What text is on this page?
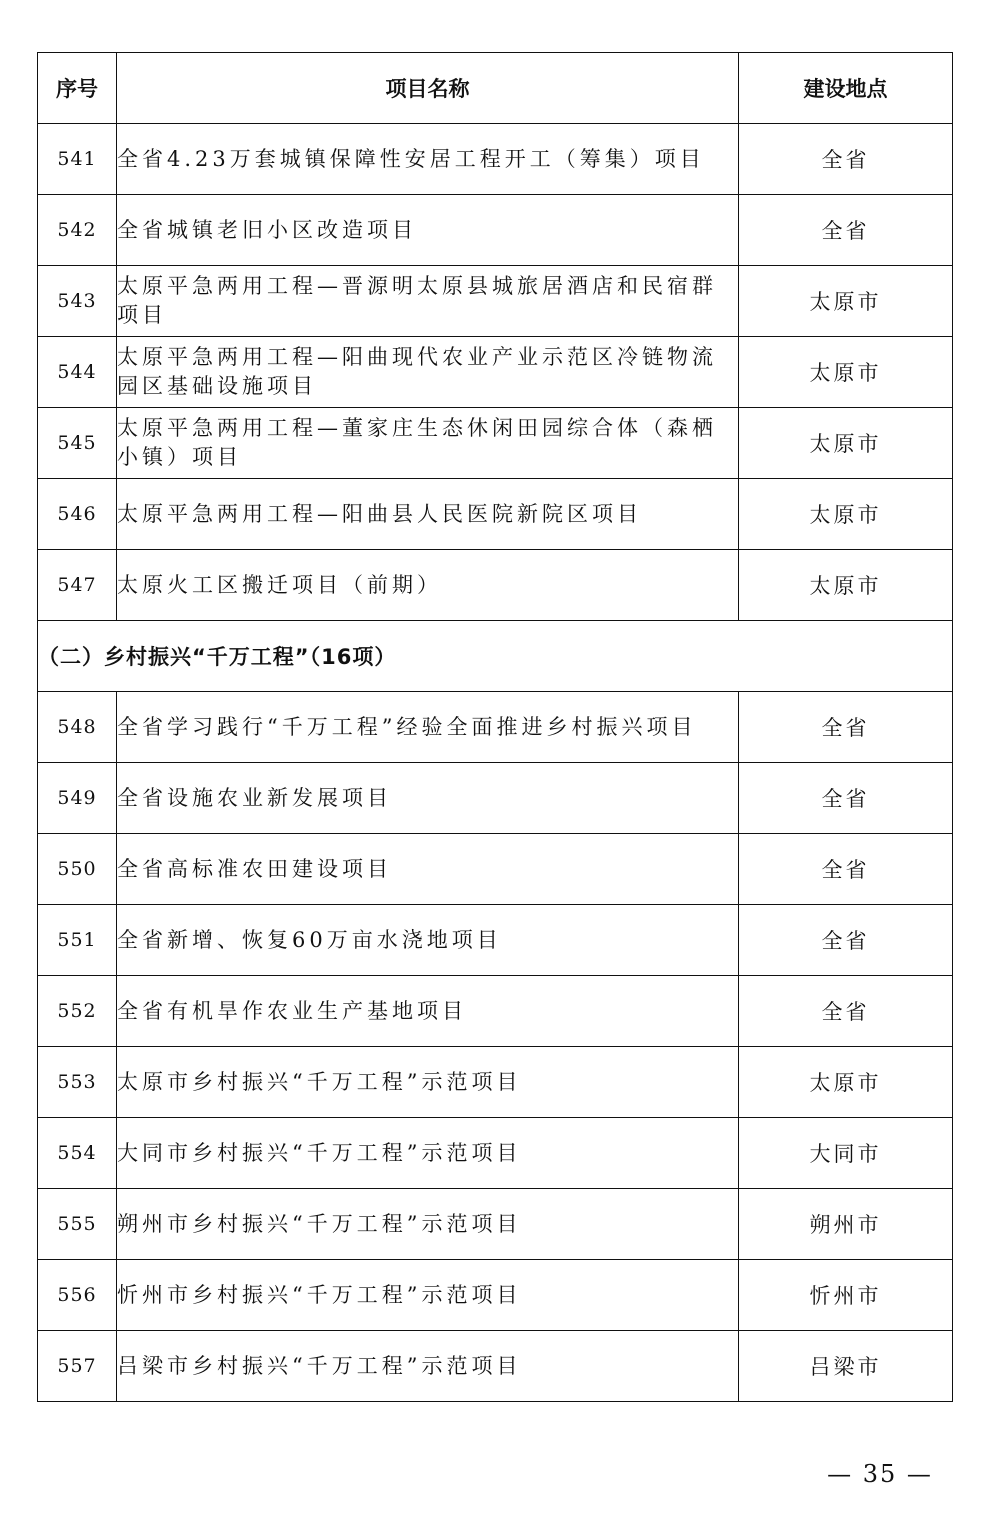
序号	项目名称	建设地点
541	全省4.23万套城镇保障性安居工程开工（筹集）项目	全省
542	全省城镇老旧小区改造项目	全省
543	太原平急两用工程—晋源明太原县城旅居酒店和民宿群项目	太原市
544	太原平急两用工程—阳曲现代农业产业示范区冷链物流园区基础设施项目	太原市
545	太原平急两用工程—董家庄生态休闲田园综合体（森栖小镇）项目	太原市
546	太原平急两用工程—阳曲县人民医院新院区项目	太原市
547	太原火工区搬迁项目（前期）	太原市
（二）乡村振兴“千万工程”（16项）		
548	全省学习践行“千万工程”经验全面推进乡村振兴项目	全省
549	全省设施农业新发展项目	全省
550	全省高标准农田建设项目	全省
551	全省新增、恢复60万亩水浇地项目	全省
552	全省有机旱作农业生产基地项目	全省
553	太原市乡村振兴“千万工程”示范项目	太原市
554	大同市乡村振兴“千万工程”示范项目	大同市
555	朔州市乡村振兴“千万工程”示范项目	朔州市
556	忻州市乡村振兴“千万工程”示范项目	忻州市
557	吕梁市乡村振兴“千万工程”示范项目	吕梁市
— 35 —
